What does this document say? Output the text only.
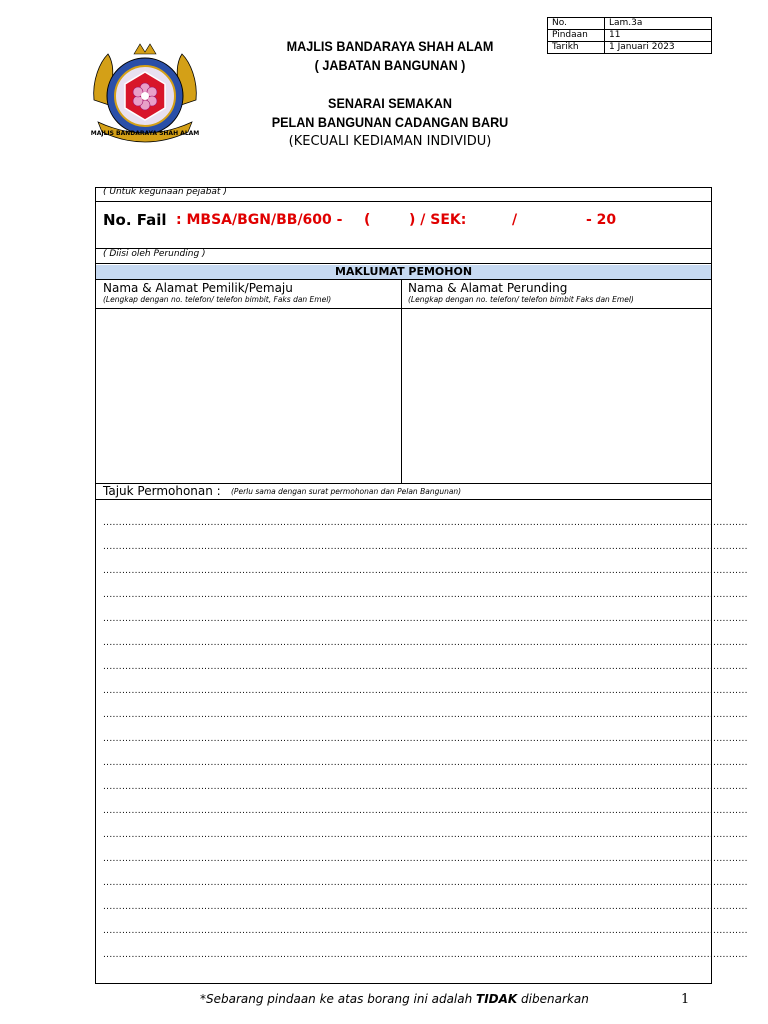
MAJLIS BANDARAYA SHAH ALAM
No.	Lam.3a
Pindaan	11
Tarikh	1 Januari 2023
MAJLIS BANDARAYA SHAH ALAM
( JABATAN BANGUNAN )
SENARAI SEMAKAN
PELAN BANGUNAN CADANGAN BARU
(KECUALI KEDIAMAN INDIVIDU)
( Untuk kegunaan pejabat )
No. Fail : MBSA/BGN/BB/600 - (	) / SEK:	/	- 20
( Diisi oleh Perunding )
MAKLUMAT PEMOHON
Nama & Alamat Pemilik/Pemaju
(Lengkap dengan no. telefon/ telefon bimbit, Faks dan Emel)
Nama & Alamat Perunding
(Lengkap dengan no. telefon/ telefon bimbit Faks dan Emel)
Tajuk Permohonan : (Perlu sama dengan surat permohonan dan Pelan Bangunan)
............................................................................................................................................................................................................
............................................................................................................................................................................................................
............................................................................................................................................................................................................
............................................................................................................................................................................................................
............................................................................................................................................................................................................
............................................................................................................................................................................................................
............................................................................................................................................................................................................
............................................................................................................................................................................................................
............................................................................................................................................................................................................
............................................................................................................................................................................................................
............................................................................................................................................................................................................
............................................................................................................................................................................................................
............................................................................................................................................................................................................
............................................................................................................................................................................................................
............................................................................................................................................................................................................
............................................................................................................................................................................................................
............................................................................................................................................................................................................
............................................................................................................................................................................................................
............................................................................................................................................................................................................
*Sebarang pindaan ke atas borang ini adalah TIDAK dibenarkan	1
